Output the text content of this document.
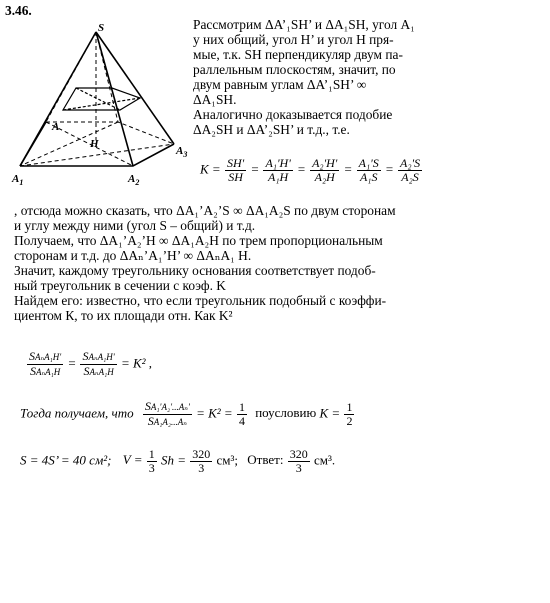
3.46.
S
A
H
$A_1$	$A_2$
$A_3$
Рассмотрим ΔA’₁SH’ и ΔA₁SH, угол A₁
у них общий, угол H’ и угол H пря-
мые, т.к. SH перпендикуляр двум па-
раллельным плоскостям, значит, по
двум равным углам ΔA’₁SH’ ∞
ΔA₁SH.
Аналогично доказывается подобие
ΔA₂SH и ΔA’₂SH’ и т.д., т.е.
$K = \frac{SH'}{SH} = \frac{\text{A₁'H'}}{\text{A₁H}} = \frac{\text{A₂'H'}}{\text{A₂H}} = \frac{\text{A₁'S}}{\text{A₁S}} = \frac{\text{A₂'S}}{\text{A₂S}}$
, отсюда можно сказать, что ΔA₁’A₂’S ∞ ΔA₁A₂S по двум сторонам
и углу между ними (угол S – общий) и т.д.
Получаем, что ΔA₁’A₂’H ∞ ΔA₁A₂H по трем пропорциональным
сторонам и т.д. до ΔAₙ’A₁’H’ ∞ ΔAₙA₁ H.
Значит, каждому треугольнику основания соответствует подоб-
ный треугольник в сечении с коэф. K
Найдем его: известно, что если треугольник подобный с коэффи-
циентом К, то их площади отн. Как K²
SAₙA₁H'
SAₙA₁H
= SAₙA₁H'
SAₙA₁H
= K² ,
Тогда получаем, что $\frac{\text{SA₁'A₂'...Aₙ'}}{\text{SA₁A₂...Aₙ}} = K^2 = \frac{1}{4}$ поусловию $K = \frac{1}{2}$
S = 4S’ = 40 см²; $V = \frac{1}{3}$ $Sh = \frac{320}{3} см^3$; Ответ: $\frac{320}{3} см^3$.
